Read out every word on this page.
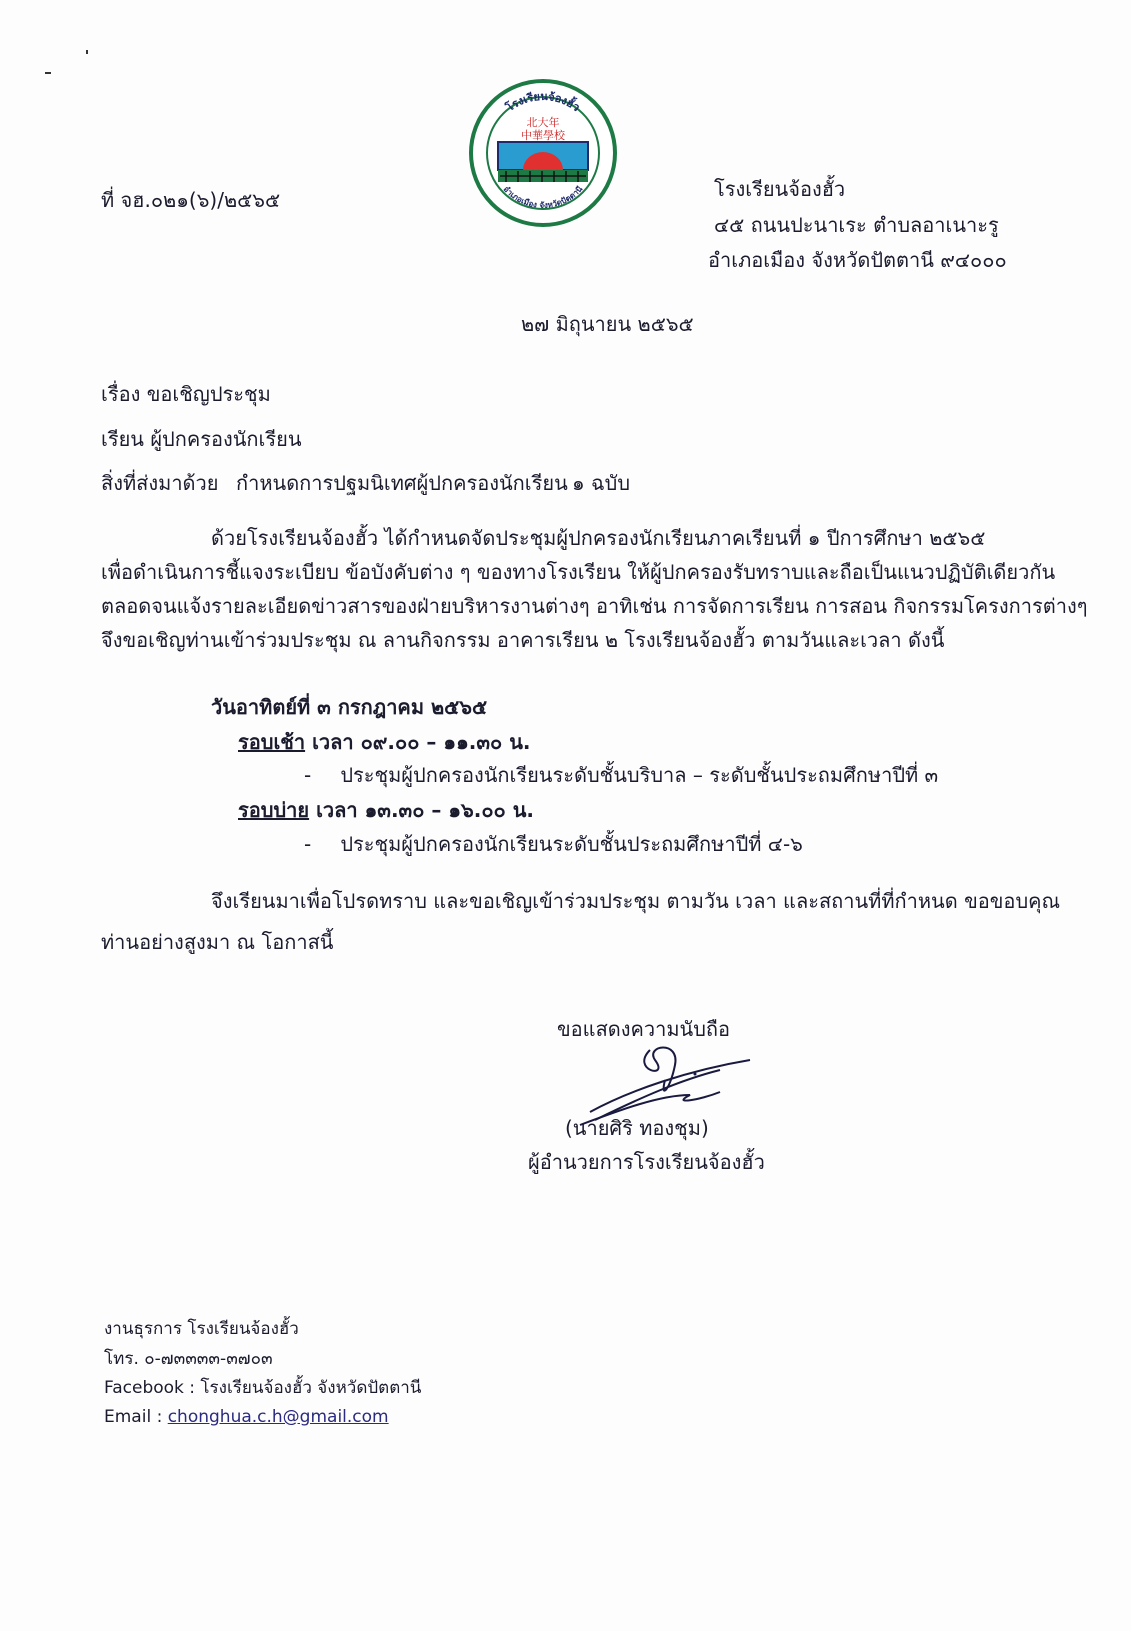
โรงเรียนจ้องฮั้ว
อำเภอเมือง จังหวัดปัตตานี
北大年
中華學校
ที่ จฮ.๐๒๑(๖)/๒๕๖๕	โรงเรียนจ้องฮั้ว
๔๕ ถนนปะนาเระ ตำบลอาเนาะรู
อำเภอเมือง จังหวัดปัตตานี ๙๔๐๐๐
๒๗ มิถุนายน ๒๕๖๕
เรื่อง ขอเชิญประชุม
เรียน ผู้ปกครองนักเรียน
สิ่งที่ส่งมาด้วย กำหนดการปฐมนิเทศผู้ปกครองนักเรียน ๑ ฉบับ
ด้วยโรงเรียนจ้องฮั้ว ได้กำหนดจัดประชุมผู้ปกครองนักเรียนภาคเรียนที่ ๑ ปีการศึกษา ๒๕๖๕
เพื่อดำเนินการชี้แจงระเบียบ ข้อบังคับต่าง ๆ ของทางโรงเรียน ให้ผู้ปกครองรับทราบและถือเป็นแนวปฏิบัติเดียวกัน
ตลอดจนแจ้งรายละเอียดข่าวสารของฝ่ายบริหารงานต่างๆ อาทิเช่น การจัดการเรียน การสอน กิจกรรมโครงการต่างๆ
จึงขอเชิญท่านเข้าร่วมประชุม ณ ลานกิจกรรม อาคารเรียน ๒ โรงเรียนจ้องฮั้ว ตามวันและเวลา ดังนี้
วันอาทิตย์ที่ ๓ กรกฎาคม ๒๕๖๕
รอบเช้า เวลา ๐๙.๐๐ – ๑๑.๓๐ น.
- ประชุมผู้ปกครองนักเรียนระดับชั้นบริบาล – ระดับชั้นประถมศึกษาปีที่ ๓
รอบบ่าย เวลา ๑๓.๓๐ – ๑๖.๐๐ น.
- ประชุมผู้ปกครองนักเรียนระดับชั้นประถมศึกษาปีที่ ๔-๖
จึงเรียนมาเพื่อโปรดทราบ และขอเชิญเข้าร่วมประชุม ตามวัน เวลา และสถานที่ที่กำหนด ขอขอบคุณ
ท่านอย่างสูงมา ณ โอกาสนี้
ขอแสดงความนับถือ
(นายศิริ ทองชุม)
ผู้อำนวยการโรงเรียนจ้องฮั้ว
งานธุรการ โรงเรียนจ้องฮั้ว
โทร. ๐-๗๓๓๓๓-๓๗๐๓
Facebook : โรงเรียนจ้องฮั้ว จังหวัดปัตตานี
Email : chonghua.c.h@gmail.com
